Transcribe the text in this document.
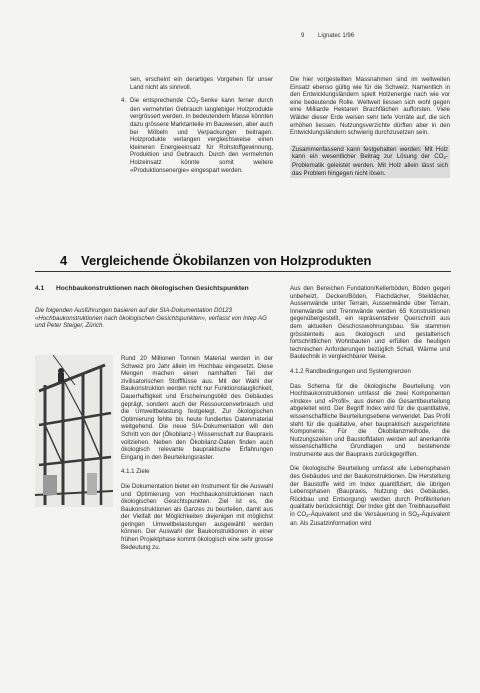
9 Lignatec 1/96

sen, erscheint ein derartiges Vorgehen für unser Land nicht als sinnvoll.

4. Die entsprechende $CO_2$-Senke kann ferner durch den vermehrten Gebrauch langlebiger Holzprodukte vergrössert werden. In bedeutendem Masse könnten dazu grössere Marktanteile im Bauwesen, aber auch bei Möbeln und Verpackungen beitragen. Holzprodukte verlangen vergleichsweise einen kleineren Energieeinsatz für Rohstoffgewinnung, Produktion und Gebrauch. Durch den vermehrten Holzeinsatz könnte somit weitere «Produktionsenergie» eingespart werden.

Die hier vorgestellten Massnahmen sind im weltweiten Einsatz ebenso gültig wie für die Schweiz. Namentlich in den Entwicklungsländern spielt Holzenergie nach wie vor eine bedeutende Rolle. Weltweit liessen sich wohl gegen eine Milliarde Hektaren Brachflächen aufforsten. Viele Wälder dieser Erde weisen sehr tiefe Vorräte auf, die sich erhöhen liessen. Nutzungsverzichte dürften aber in den Entwicklungsländern schwierig durchzusetzen sein.

Zusammenfassend kann festgehalten werden: Mit Holz kann ein wesentlicher Beitrag zur Lösung der $CO_2$-Problematik geleistet werden. Mit Holz allein lässt sich das Problem hingegen nicht lösen.

4 Vergleichende Ökobilanzen von Holzprodukten
4.1	Hochbaukonstruktionen nach ökologischen Gesichtspunkten

Die folgenden Ausführungen basieren auf der SIA-Dokumentation D0123 «Hochbaukonstruktionen nach ökologischen Gesichtspunkten», verfasst von Intep AG und Peter Steiger, Zürich.

Rund 20 Millionen Tonnen Material werden in der Schweiz pro Jahr allein im Hochbau eingesetzt. Diese Mengen machen einen namhaften Teil der zivilisatorischen Stoffflüsse aus. Mit der Wahl der Baukonstruktion werden nicht nur Funktionstauglichkeit, Dauerhaftigkeit und Erscheinungsbild des Gebäudes geprägt, sondern auch der Ressourcenverbrauch und die Umweltbelastung festgelegt. Zur ökologischen Optimierung fehlte bis heute fundiertes Datenmaterial weitgehend. Die neue SIA-Dokumentation will den Schritt von der (Ökobilanz-) Wissenschaft zur Baupraxis vollziehen. Neben den Ökobilanz-Daten finden auch ökologisch relevante baupraktische Erfahrungen Eingang in den Beurteilungsraster.

4.1.1 Ziele

Die Dokumentation bietet ein Instrument für die Auswahl und Optimierung von Hochbaukonstruktionen nach ökologischen Gesichtspunkten. Ziel ist es, die Baukonstruktionen als Ganzes zu beurteilen, damit aus der Vielfalt der Möglichkeiten diejenigen mit möglichst geringen Umweltbelastungen ausgewählt werden können. Der Auswahl der Baukonstruktionen in einer frühen Projektphase kommt ökologisch eine sehr grosse Bedeutung zu.

Aus den Bereichen Fundation/Kellerböden, Böden gegen unbeheizt, Decken/Böden, Flachdächer, Steildächer, Aussenwände unter Terrain, Aussenwände über Terrain, Innenwände und Trennwände werden 65 Konstruktionen gegenübergestellt, ein repräsentativer Querschnitt aus dem aktuellen Geschosswohnungsbau. Sie stammen grösstenteils aus ökologisch und gestalterisch fortschrittlichen Wohnbauten und erfüllen die heutigen technischen Anforderungen bezüglich Schall, Wärme und Bautechnik in vergleichbarer Weise.

4.1.2 Randbedingungen und Systemgrenzen

Das Schema für die ökologische Beurteilung von Hochbaukonstruktionen umfasst die zwei Komponenten «Index» und «Profil», aus denen die Gesamtbeurteilung abgeleitet wird. Der Begriff Index wird für die quantitative, wissenschaftliche Beurteilungsebene verwendet. Das Profil steht für die qualitative, eher baupraktisch ausgerichtete Komponente. Für die Ökobilanzmethode, die Nutzungszeiten und Baustoffdaten werden auf anerkannte wissenschaftliche Grundlagen und bestehende Instrumente aus der Baupraxis zurückgegriffen.

Die ökologische Beurteilung umfasst alle Lebensphasen des Gebäudes und der Baukonstruktionen. Die Herstellung der Baustoffe wird im Index quantifiziert, die übrigen Lebensphasen (Baupraxis, Nutzung des Gebäudes, Rückbau und Entsorgung) werden durch Profilkriterien qualitativ berücksichtigt. Der Index gibt den Treibhauseffekt in $CO_2$-Äquivalent und die Versäuerung in $SO_2$-Äquivalent an. Als Zusatzinformation wird
